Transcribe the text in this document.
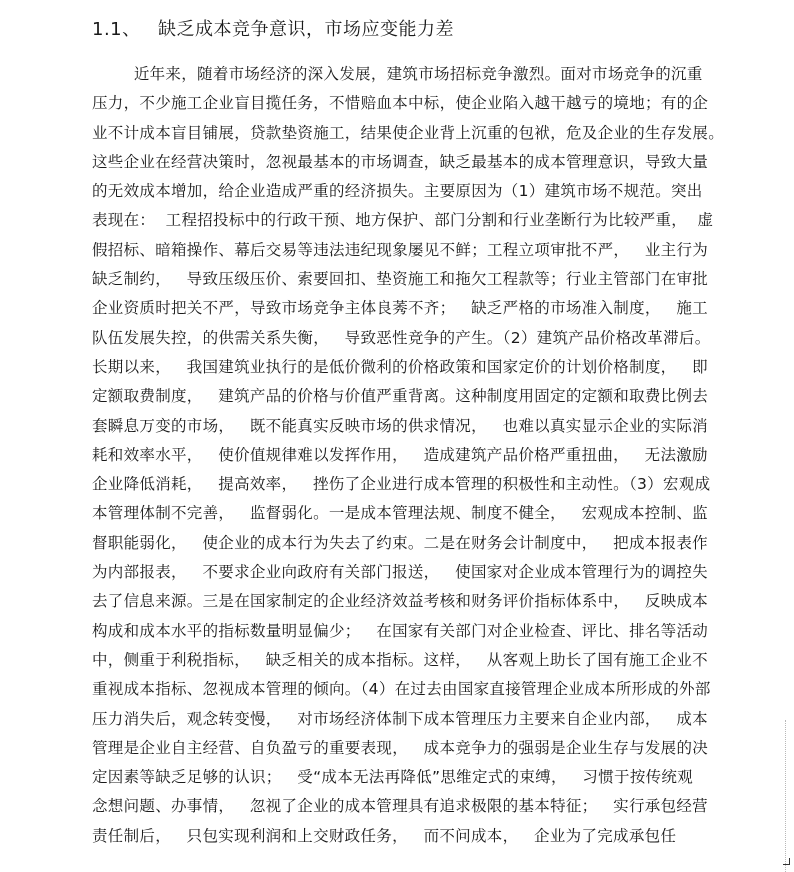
1.1、 缺乏成本竞争意识，市场应变能力差
近年来，随着市场经济的深入发展，建筑市场招标竞争激烈。面对市场竞争的沉重
压力，不少施工企业盲目揽任务，不惜赔血本中标，使企业陷入越干越亏的境地；有的企
业不计成本盲目铺展，贷款垫资施工，结果使企业背上沉重的包袱，危及企业的生存发展。
这些企业在经营决策时，忽视最基本的市场调查，缺乏最基本的成本管理意识，导致大量
的无效成本增加，给企业造成严重的经济损失。主要原因为（1）建筑市场不规范。突出
表现在：  工程招投标中的行政干预、地方保护、部门分割和行业垄断行为比较严重，  虚
假招标、暗箱操作、幕后交易等违法违纪现象屡见不鲜；工程立项审批不严，   业主行为
缺乏制约，   导致压级压价、索要回扣、垫资施工和拖欠工程款等；行业主管部门在审批
企业资质时把关不严，导致市场竞争主体良莠不齐；   缺乏严格的市场准入制度，   施工
队伍发展失控，的供需关系失衡，   导致恶性竞争的产生。（2）建筑产品价格改革滞后。
长期以来，   我国建筑业执行的是低价微利的价格政策和国家定价的计划价格制度，   即
定额取费制度，   建筑产品的价格与价值严重背离。这种制度用固定的定额和取费比例去
套瞬息万变的市场，   既不能真实反映市场的供求情况，   也难以真实显示企业的实际消
耗和效率水平，   使价值规律难以发挥作用，   造成建筑产品价格严重扭曲，   无法激励
企业降低消耗，   提高效率，   挫伤了企业进行成本管理的积极性和主动性。（3）宏观成
本管理体制不完善，   监督弱化。一是成本管理法规、制度不健全，   宏观成本控制、监
督职能弱化，   使企业的成本行为失去了约束。二是在财务会计制度中，   把成本报表作
为内部报表，   不要求企业向政府有关部门报送，   使国家对企业成本管理行为的调控失
去了信息来源。三是在国家制定的企业经济效益考核和财务评价指标体系中，   反映成本
构成和成本水平的指标数量明显偏少；   在国家有关部门对企业检查、评比、排名等活动
中，侧重于利税指标，   缺乏相关的成本指标。这样，   从客观上助长了国有施工企业不
重视成本指标、忽视成本管理的倾向。（4）在过去由国家直接管理企业成本所形成的外部
压力消失后，观念转变慢，   对市场经济体制下成本管理压力主要来自企业内部，   成本
管理是企业自主经营、自负盈亏的重要表现，   成本竞争力的强弱是企业生存与发展的决
定因素等缺乏足够的认识；   受“成本无法再降低”思维定式的束缚，   习惯于按传统观
念想问题、办事情，   忽视了企业的成本管理具有追求极限的基本特征；   实行承包经营
责任制后，   只包实现利润和上交财政任务，   而不问成本，   企业为了完成承包任
